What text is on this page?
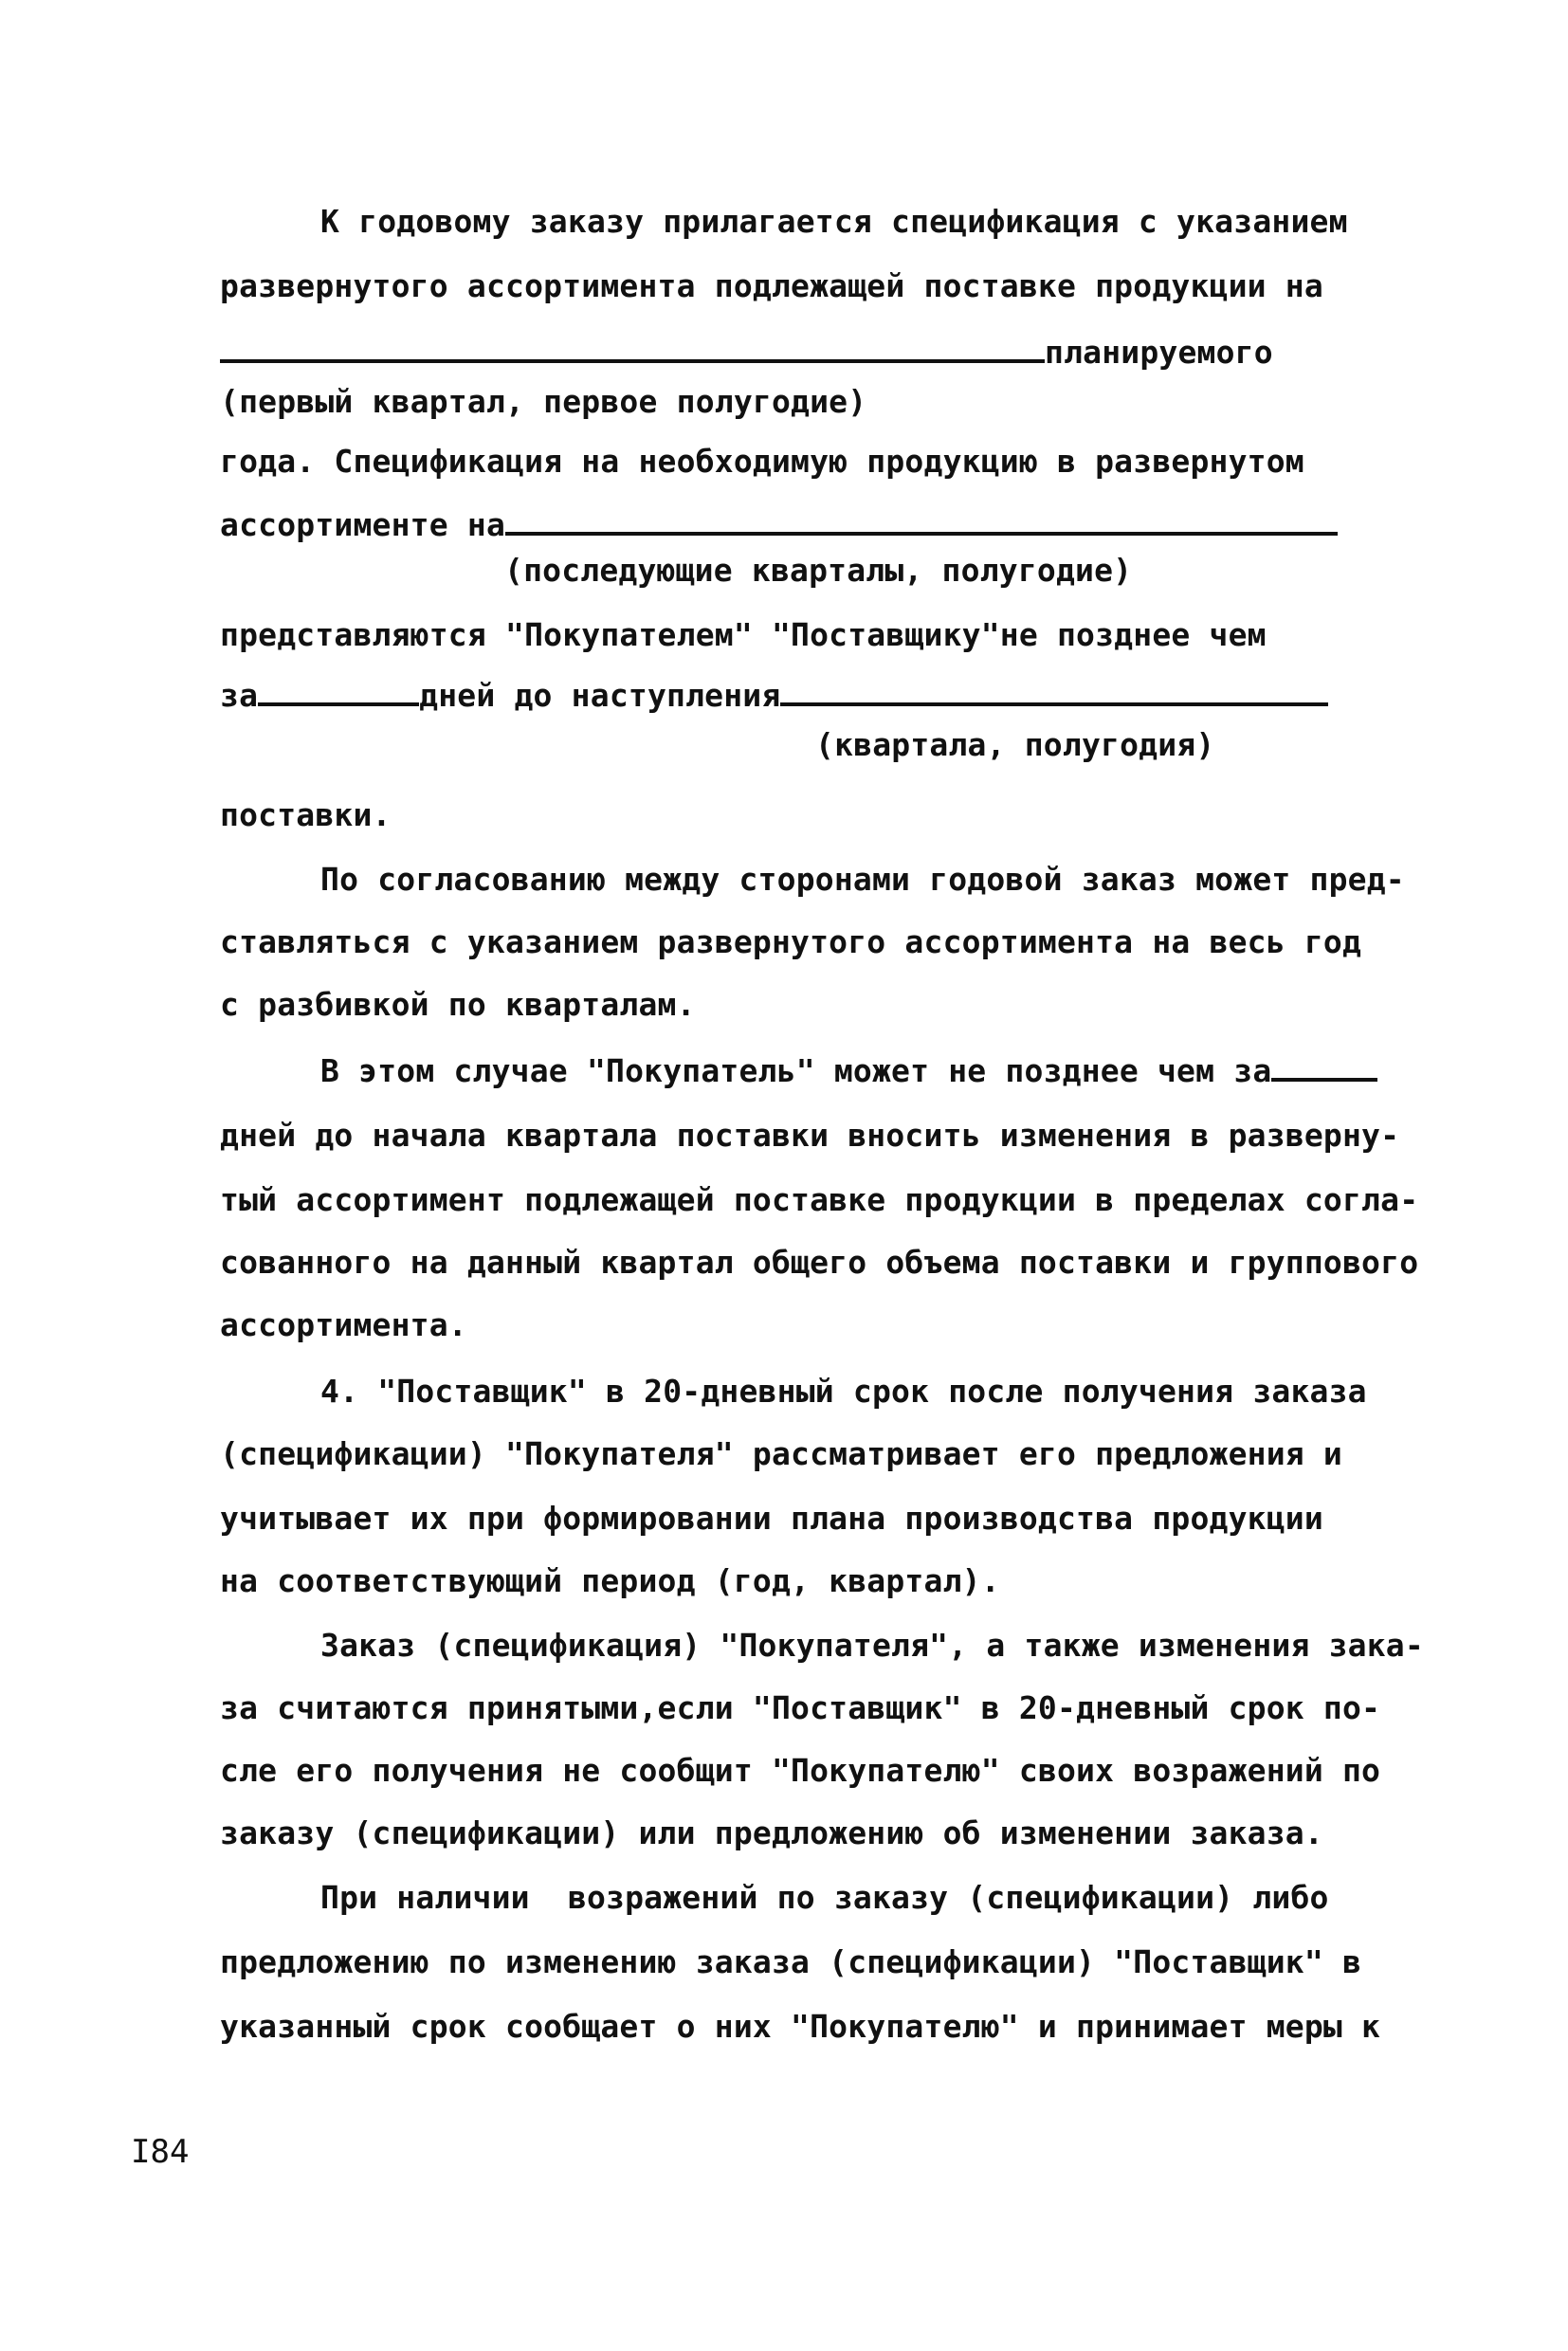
К годовому заказу прилагается спецификация с указанием
развернутого ассортимента подлежащей поставке продукции на
планируемого
(первый квартал, первое полугодие)
года. Спецификация на необходимую продукцию в развернутом
ассортименте на
(последующие кварталы, полугодие)
представляются "Покупателем" "Поставщику"не позднее чем
за	дней до наступления
(квартала, полугодия)
поставки.
По согласованию между сторонами годовой заказ может пред-
ставляться с указанием развернутого ассортимента на весь год
с разбивкой по кварталам.
В этом случае "Покупатель" может не позднее чем за
дней до начала квартала поставки вносить изменения в разверну-
тый ассортимент подлежащей поставке продукции в пределах согла-
сованного на данный квартал общего объема поставки и группового
ассортимента.
4. "Поставщик" в 20-дневный срок после получения заказа
(спецификации) "Покупателя" рассматривает его предложения и
учитывает их при формировании плана производства продукции
на соответствующий период (год, квартал).
Заказ (спецификация) "Покупателя", а также изменения зака-
за считаются принятыми,если "Поставщик" в 20-дневный срок по-
сле его получения не сообщит "Покупателю" своих возражений по
заказу (спецификации) или предложению об изменении заказа.
При наличии  возражений по заказу (спецификации) либо
предложению по изменению заказа (спецификации) "Поставщик" в
указанный срок сообщает о них "Покупателю" и принимает меры к
I84
